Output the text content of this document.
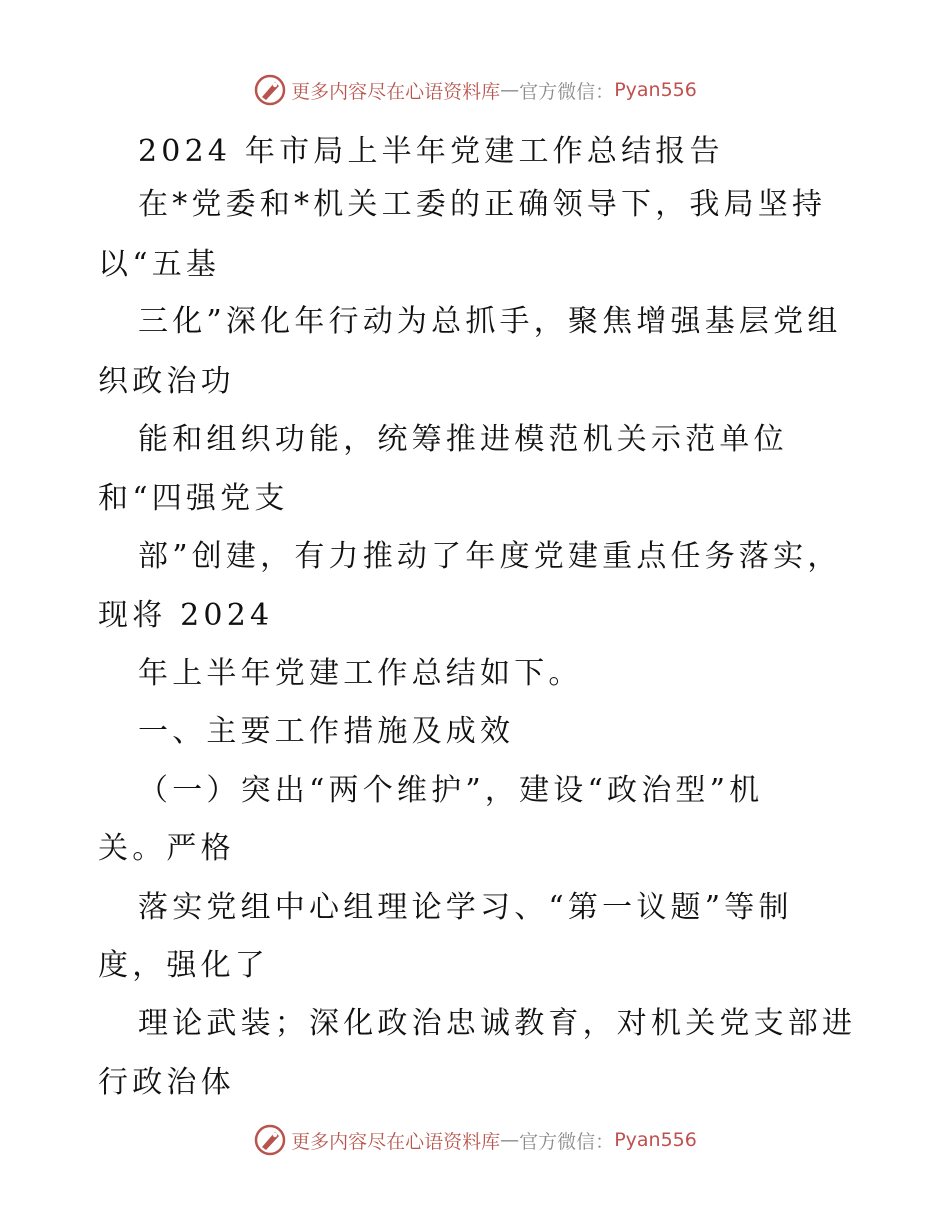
更多内容尽在心语资料库 — 官方微信： Pyan556
2024 年市局上半年党建工作总结报告
在*党委和*机关工委的正确领导下，我局坚持
以“五基
三化”深化年行动为总抓手，聚焦增强基层党组
织政治功
能和组织功能，统筹推进模范机关示范单位
和“四强党支
部”创建，有力推动了年度党建重点任务落实，
现将 2024
年上半年党建工作总结如下。
一、主要工作措施及成效
（一）突出“两个维护”，建设“政治型”机
关。严格
落实党组中心组理论学习、“第一议题”等制
度，强化了
理论武装；深化政治忠诚教育，对机关党支部进
行政治体
更多内容尽在心语资料库 — 官方微信： Pyan556
